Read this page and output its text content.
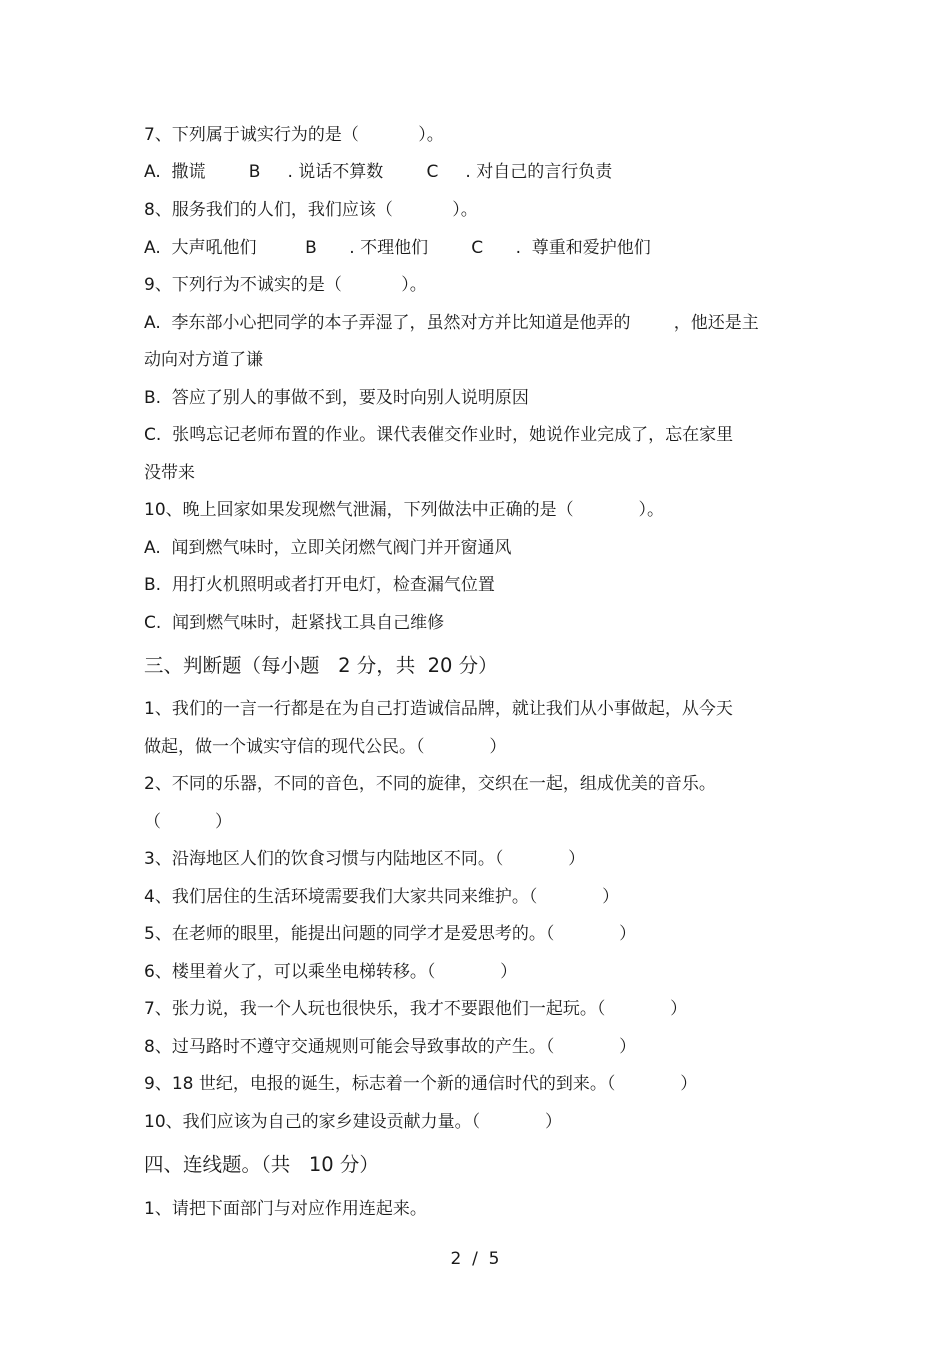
7、下列属于诚实行为的是（           ）。
A.  撒谎        B     . 说话不算数        C     . 对自己的言行负责
8、服务我们的人们，我们应该（           ）。
A.  大声吼他们         B      . 不理他们        C      .  尊重和爱护他们
9、下列行为不诚实的是（           ）。
A.  李东部小心把同学的本子弄湿了，虽然对方并比知道是他弄的        ，他还是主
动向对方道了谦
B.  答应了别人的事做不到，要及时向别人说明原因
C.  张鸣忘记老师布置的作业。课代表催交作业时，她说作业完成了，忘在家里
没带来
10、晚上回家如果发现燃气泄漏，下列做法中正确的是（            ）。
A.  闻到燃气味时，立即关闭燃气阀门并开窗通风
B.  用打火机照明或者打开电灯，检查漏气位置
C.  闻到燃气味时，赶紧找工具自己维修
三、判断题（每小题   2 分，共  20 分）
1、我们的一言一行都是在为自己打造诚信品牌，就让我们从小事做起，从今天
做起，做一个诚实守信的现代公民。（            ）
2、不同的乐器，不同的音色，不同的旋律，交织在一起，组成优美的音乐。
（          ）
3、沿海地区人们的饮食习惯与内陆地区不同。（            ）
4、我们居住的生活环境需要我们大家共同来维护。（            ）
5、在老师的眼里，能提出问题的同学才是爱思考的。（            ）
6、楼里着火了，可以乘坐电梯转移。（            ）
7、张力说，我一个人玩也很快乐，我才不要跟他们一起玩。（            ）
8、过马路时不遵守交通规则可能会导致事故的产生。（            ）
9、18 世纪，电报的诞生，标志着一个新的通信时代的到来。（            ）
10、我们应该为自己的家乡建设贡献力量。（            ）
四、连线题。（共   10 分）
1、请把下面部门与对应作用连起来。
2  /  5
